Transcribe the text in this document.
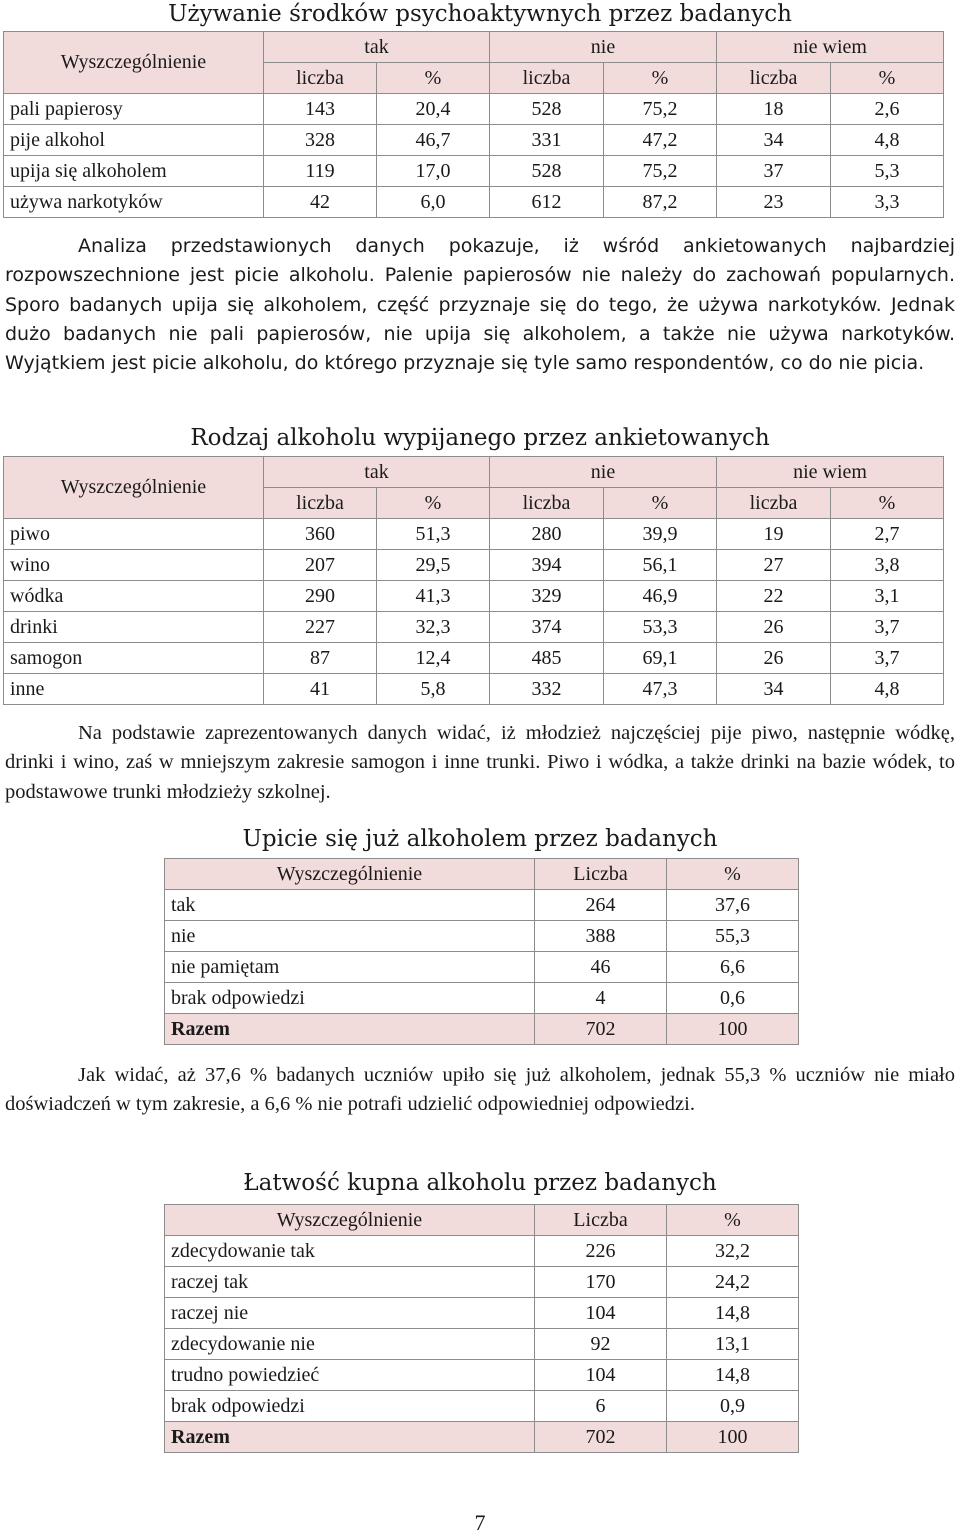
Używanie środków psychoaktywnych przez badanych
Wyszczególnienie	tak		nie		nie wiem	
	liczba	%	liczba	%	liczba	%
pali papierosy	143	20,4	528	75,2	18	2,6
pije alkohol	328	46,7	331	47,2	34	4,8
upija się alkoholem	119	17,0	528	75,2	37	5,3
używa narkotyków	42	6,0	612	87,2	23	3,3

Analiza przedstawionych danych pokazuje, iż wśród ankietowanych najbardziej rozpowszechnione jest picie alkoholu. Palenie papierosów nie należy do zachowań popularnych. Sporo badanych upija się alkoholem, część przyznaje się do tego, że używa narkotyków. Jednak dużo badanych nie pali papierosów, nie upija się alkoholem, a także nie używa narkotyków. Wyjątkiem jest picie alkoholu, do którego przyznaje się tyle samo respondentów, co do nie picia.

Rodzaj alkoholu wypijanego przez ankietowanych
Wyszczególnienie	tak		nie		nie wiem	
	liczba	%	liczba	%	liczba	%
piwo	360	51,3	280	39,9	19	2,7
wino	207	29,5	394	56,1	27	3,8
wódka	290	41,3	329	46,9	22	3,1
drinki	227	32,3	374	53,3	26	3,7
samogon	87	12,4	485	69,1	26	3,7
inne	41	5,8	332	47,3	34	4,8

Na podstawie zaprezentowanych danych widać, iż młodzież najczęściej pije piwo, następnie wódkę, drinki i wino, zaś w mniejszym zakresie samogon i inne trunki. Piwo i wódka, a także drinki na bazie wódek, to podstawowe trunki młodzieży szkolnej.

Upicie się już alkoholem przez badanych
Wyszczególnienie	Liczba	%
tak	264	37,6
nie	388	55,3
nie pamiętam	46	6,6
brak odpowiedzi	4	0,6
Razem	702	100

Jak widać, aż 37,6 % badanych uczniów upiło się już alkoholem, jednak 55,3 % uczniów nie miało doświadczeń w tym zakresie, a 6,6 % nie potrafi udzielić odpowiedniej odpowiedzi.

Łatwość kupna alkoholu przez badanych
Wyszczególnienie	Liczba	%
zdecydowanie tak	226	32,2
raczej tak	170	24,2
raczej nie	104	14,8
zdecydowanie nie	92	13,1
trudno powiedzieć	104	14,8
brak odpowiedzi	6	0,9
Razem	702	100
7
